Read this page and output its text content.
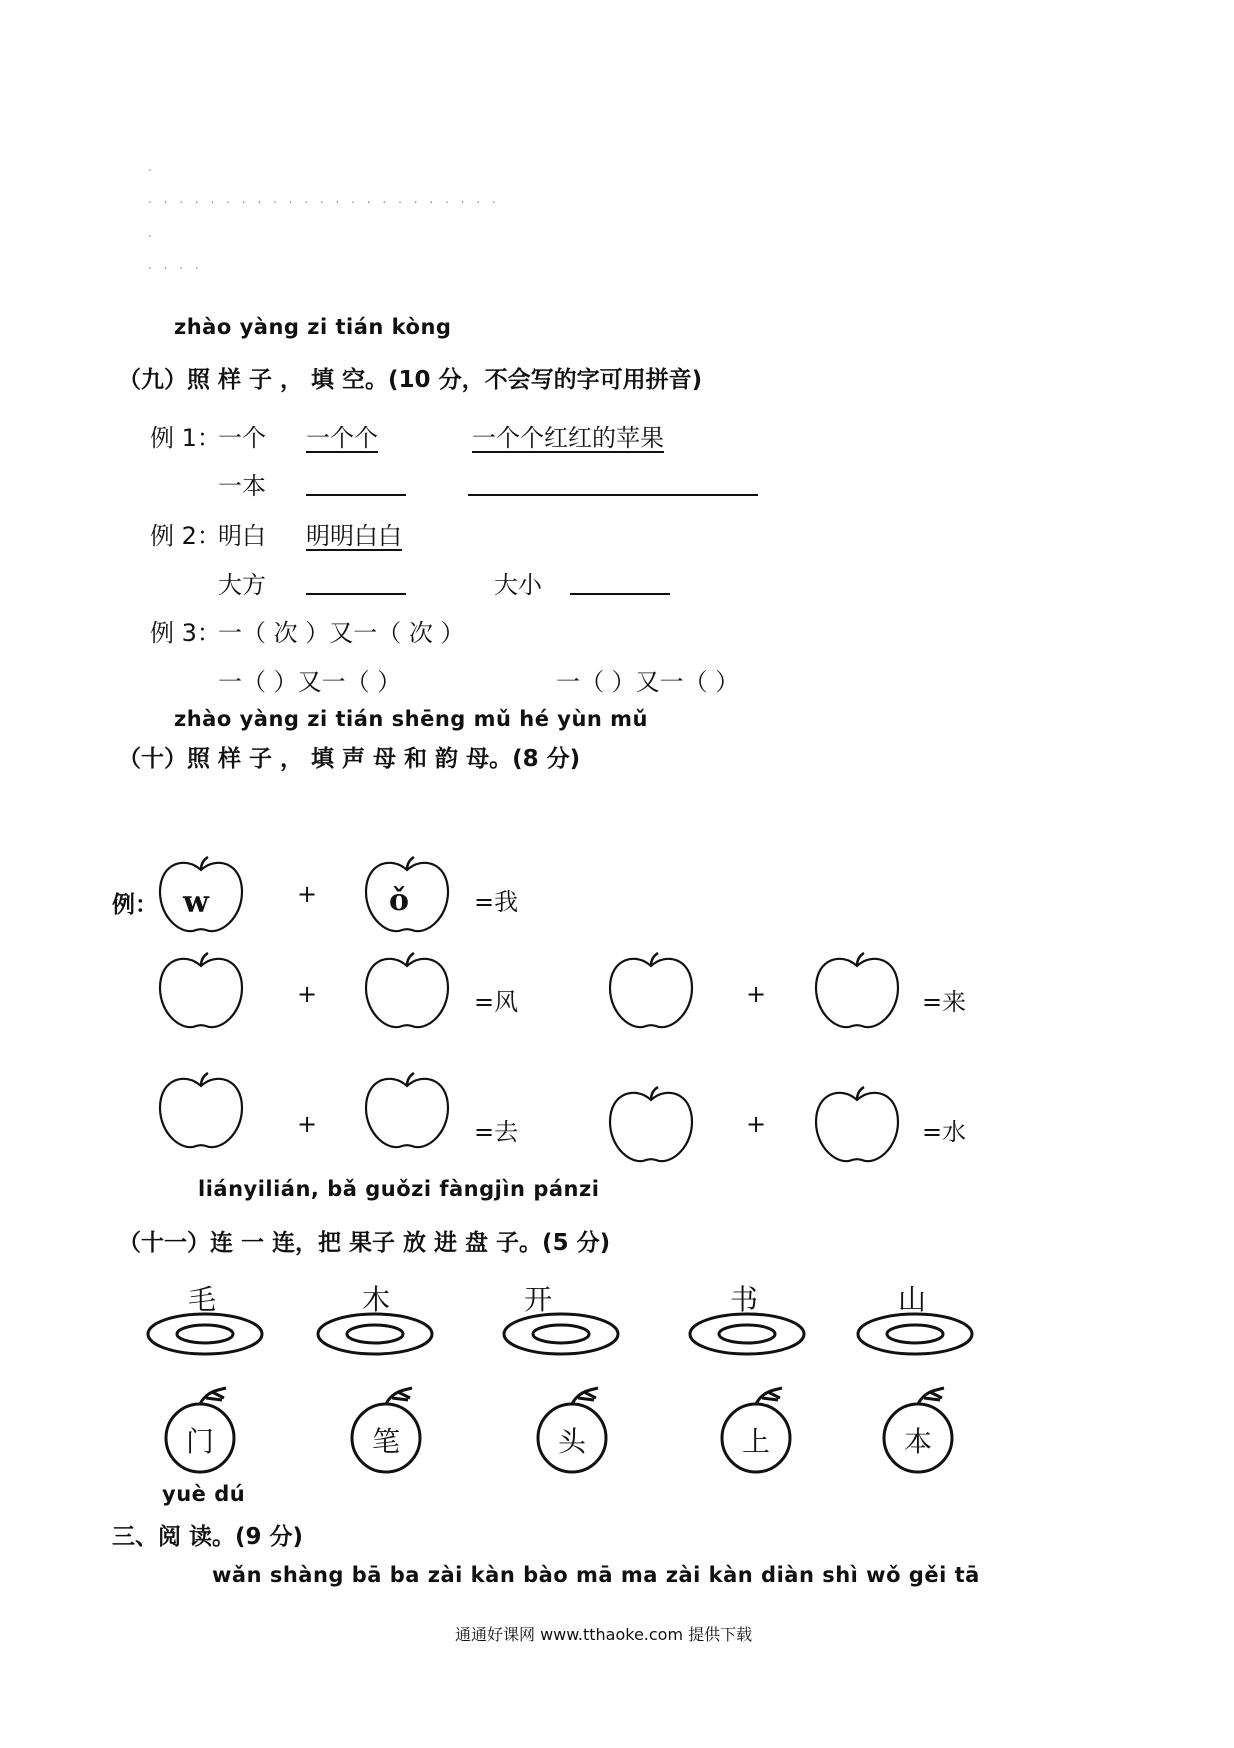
.
. . . . . . . . . . . . . . . . . . . . . . .
.
. . . .
zhào yàng zi tián kòng
（九）照 样 子 ， 填 空。(10 分，不会写的字可用拼音)
例 1：
一个 一个个	一个个红红的苹果
一本
例 2：
明白 明明白白
大方	大小
例 3：
一（ 次 ）又一（ 次 ）
一（ ）又一（ ）	一（ ）又一（ ）
zhào yàng zi tián shēng mǔ hé yùn mǔ
（十）照 样 子 ， 填 声 母 和 韵 母。(8 分)
例： w	+ ǒ	=我
+	=风	+	=来
+	=去	+	=水
liányilián, bǎ guǒzi fàngjìn pánzi
（十一）连 一 连，把 果子 放 进 盘 子。(5 分)
毛	木	开	书	山
门	笔	头	上	本
yuè dú
三、阅 读。(9 分)
wǎn shàng bā ba zài kàn bào mā ma zài kàn diàn shì wǒ gěi tā
通通好课网 www.tthaoke.com 提供下载
